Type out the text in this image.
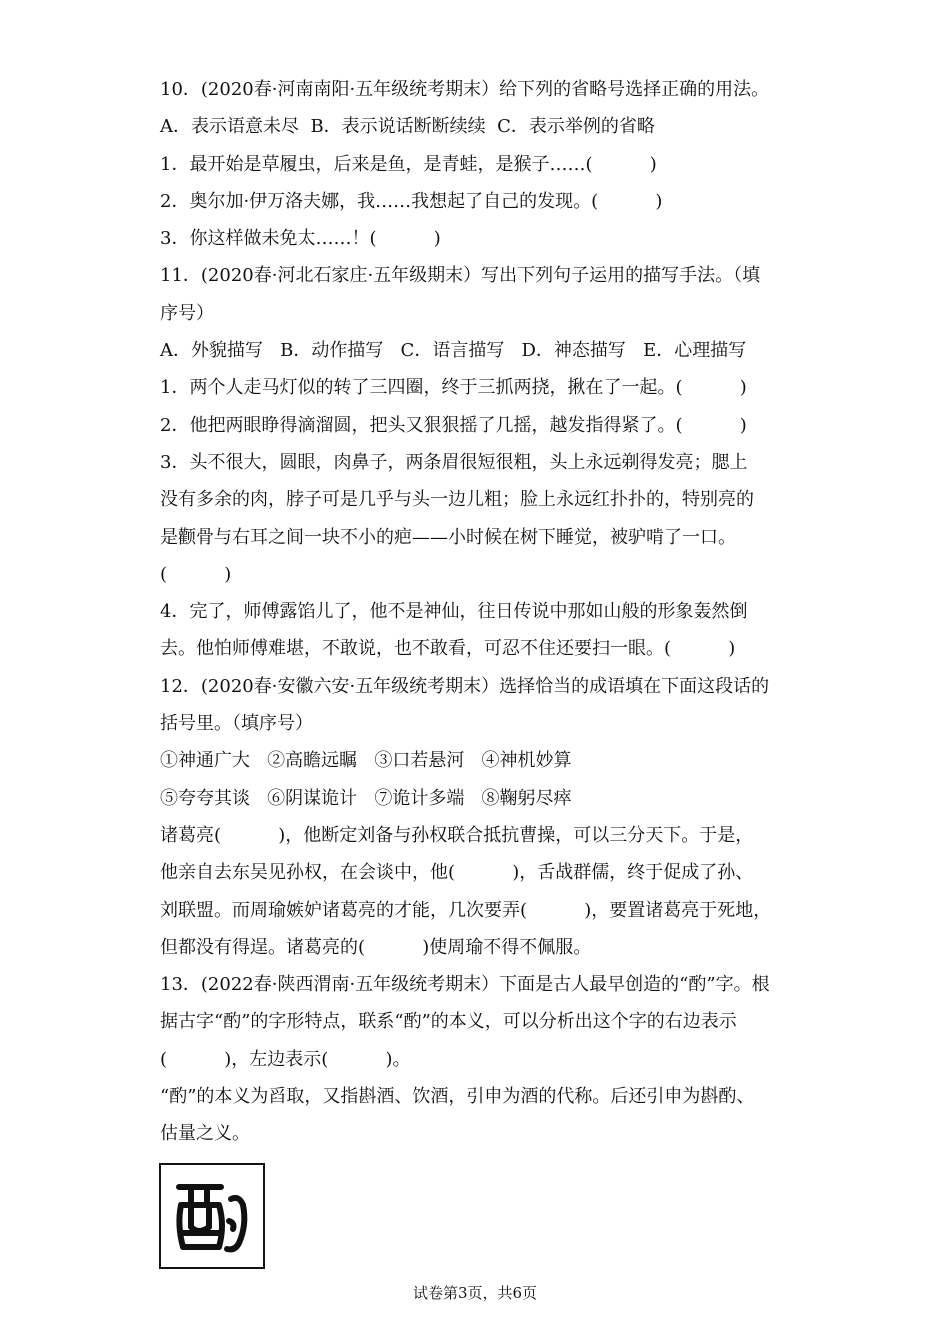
10．(2020春·河南南阳·五年级统考期末）给下列的省略号选择正确的用法。
A．表示语意未尽  B．表示说话断断续续  C．表示举例的省略
1．最开始是草履虫，后来是鱼，是青蛙，是猴子……(          )
2．奥尔加·伊万洛夫娜，我……我想起了自己的发现。(          )
3．你这样做未免太……！(          )
11．(2020春·河北石家庄·五年级期末）写出下列句子运用的描写手法。（填
序号）
A．外貌描写   B．动作描写   C．语言描写   D．神态描写   E．心理描写
1．两个人走马灯似的转了三四圈，终于三抓两挠，揪在了一起。(          )
2．他把两眼睁得滴溜圆，把头又狠狠摇了几摇，越发指得紧了。(          )
3．头不很大，圆眼，肉鼻子，两条眉很短很粗，头上永远剃得发亮；腮上
没有多余的肉，脖子可是几乎与头一边儿粗；脸上永远红扑扑的，特别亮的
是颧骨与右耳之间一块不小的疤——小时候在树下睡觉，被驴啃了一口。
(          )
4．完了，师傅露馅儿了，他不是神仙，往日传说中那如山般的形象轰然倒
去。他怕师傅难堪，不敢说，也不敢看，可忍不住还要扫一眼。(          )
12．(2020春·安徽六安·五年级统考期末）选择恰当的成语填在下面这段话的
括号里。（填序号）
①神通广大   ②高瞻远瞩   ③口若悬河   ④神机妙算
⑤夸夸其谈   ⑥阴谋诡计   ⑦诡计多端   ⑧鞠躬尽瘁
诸葛亮(          )，他断定刘备与孙权联合抵抗曹操，可以三分天下。于是，
他亲自去东吴见孙权，在会谈中，他(          )，舌战群儒，终于促成了孙、
刘联盟。而周瑜嫉妒诸葛亮的才能，几次要弄(          )，要置诸葛亮于死地，
但都没有得逞。诸葛亮的(          )使周瑜不得不佩服。
13．(2022春·陕西渭南·五年级统考期末）下面是古人最早创造的“酌”字。根
据古字“酌”的字形特点，联系“酌”的本义，可以分析出这个字的右边表示
(          )，左边表示(          )。
“酌”的本义为舀取，又指斟酒、饮酒，引申为酒的代称。后还引申为斟酌、
估量之义。
试卷第3页，共6页
